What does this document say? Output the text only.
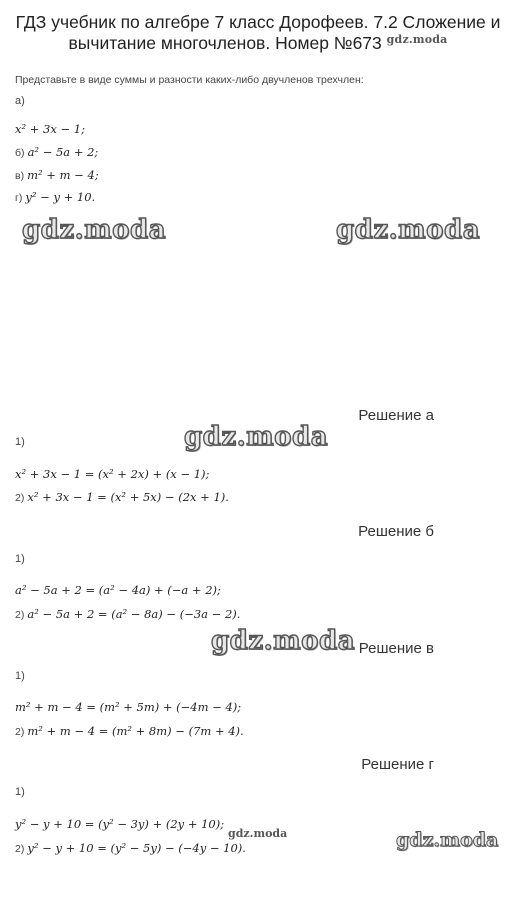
ГДЗ учебник по алгебре 7 класс Дорофеев. 7.2 Сложение и
вычитание многочленов. Номер №673 $^{gdz.moda}$
Представьте в виде суммы и разности каких-либо двучленов трехчлен:
а)
x² + 3x − 1;
б) a² − 5a + 2;
в) m² + m − 4;
г) y² − y + 10.
gdz.moda	gdz.moda
Решение а
1)	gdz.moda
x² + 3x − 1 = (x² + 2x) + (x − 1);
2) x² + 3x − 1 = (x² + 5x) − (2x + 1).
Решение б
1)
a² − 5a + 2 = (a² − 4a) + (−a + 2);
2) a² − 5a + 2 = (a² − 8a) − (−3a − 2).
gdz.moda Решение в
1)
m² + m − 4 = (m² + 5m) + (−4m − 4);
2) m² + m − 4 = (m² + 8m) − (7m + 4).
Решение г
1)
y² − y + 10 = (y² − 3y) + (2y + 10);
gdz.moda	gdz.moda
2) y² − y + 10 = (y² − 5y) − (−4y − 10).
